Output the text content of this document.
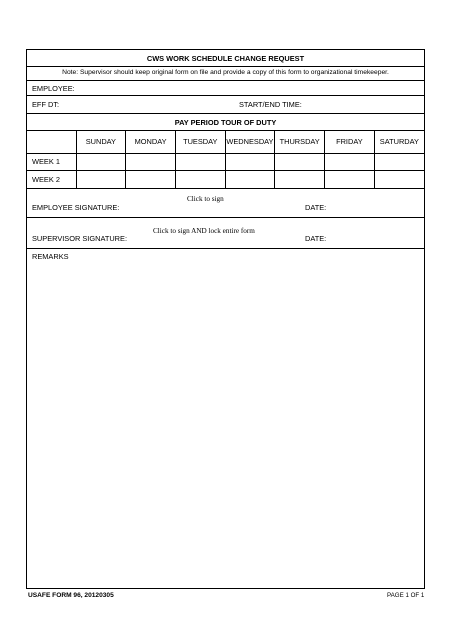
CWS WORK SCHEDULE CHANGE REQUEST
Note: Supervisor should keep original form on file and provide a copy of this form to organizational timekeeper.
EMPLOYEE:
EFF DT:	START/END TIME:
PAY PERIOD TOUR OF DUTY
	SUNDAY	MONDAY	TUESDAY	WEDNESDAY	THURSDAY	FRIDAY	SATURDAY
WEEK 1							
WEEK 2							
EMPLOYEE SIGNATURE:
Click to sign
DATE:
SUPERVISOR SIGNATURE:
Click to sign AND lock entire form
DATE:
REMARKS
USAFE FORM 96, 20120305	PAGE 1 OF 1
